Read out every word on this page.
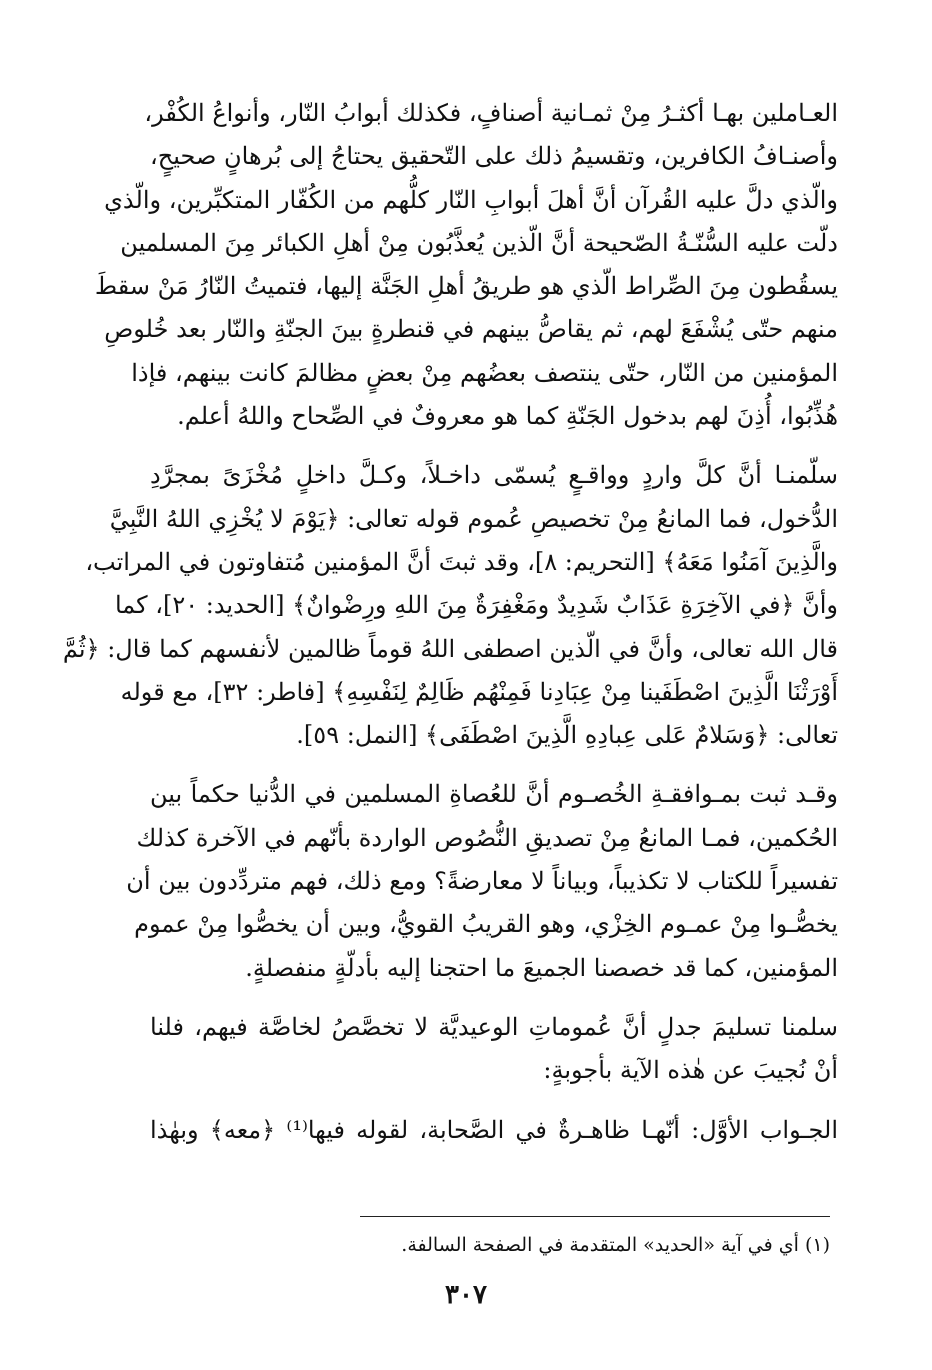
العـاملين بهـا أكثـرُ مِنْ ثمـانية أصنافٍ، فكذلك أبوابُ النّار، وأنواعُ الكُفْر،
وأصنـافُ الكافرين، وتقسيمُ ذلك على التّحقيق يحتاجُ إلى بُرهانٍ صحيحٍ،
والّذي دلَّ عليه القُرآن أنَّ أهلَ أبوابِ النّار كلُّهم من الكُفّار المتكبِّرين، والّذي
دلّت عليه السُّنّـةُ الصّحيحة أنَّ الّذين يُعذَّبُون مِنْ أهلِ الكبائر مِنَ المسلمين
يسقُطون مِنَ الصِّراط الّذي هو طريقُ أهلِ الجَنَّة إليها، فتميتُ النّارُ مَنْ سقطَ
منهم حتّى يُشْفَعَ لهم، ثم يقاصُّ بينهم في قنطرةٍ بينَ الجنّةِ والنّار بعد خُلوصِ
المؤمنين من النّار، حتّى ينتصف بعضُهم مِنْ بعضٍ مظالمَ كانت بينهم، فإذا
هُذِّبُوا، أُذِنَ لهم بدخول الجَنّةِ كما هو معروفٌ في الصِّحاح واللهُ أعلم.
سلّمنـا أنَّ كلَّ واردٍ وواقـعٍ يُسمّى داخـلاً، وكـلَّ داخلٍ مُخْزَىً بمجرَّدِ
الدُّخول، فما المانعُ مِنْ تخصيصِ عُموم قوله تعالى: ﴿يَوْمَ لا يُخْزِي اللهُ النَّبِيَّ
والَّذِينَ آمَنُوا مَعَهُ﴾ [التحريم: ٨]، وقد ثبتَ أنَّ المؤمنين مُتفاوتون في المراتب،
وأنَّ ﴿في الآخِرَةِ عَذَابٌ شَدِيدٌ ومَغْفِرَةٌ مِنَ اللهِ ورِضْوانٌ﴾ [الحديد: ٢٠]، كما
قال الله تعالى، وأنَّ في الّذين اصطفى اللهُ قوماً ظالمين لأنفسهم كما قال: ﴿ثُمَّ
أَوْرَثْنَا الَّذِينَ اصْطَفَينا مِنْ عِبَادِنا فَمِنْهُم ظَالِمٌ لِنَفْسِهِ﴾ [فاطر: ٣٢]، مع قوله
تعالى: ﴿وَسَلامٌ عَلى عِبادِهِ الَّذِينَ اصْطَفَى﴾ [النمل: ٥٩].
وقـد ثبت بمـوافقـةِ الخُصـوم أنَّ للعُصاةِ المسلمين في الدُّنيا حكماً بين
الحُكمين، فمـا المانعُ مِنْ تصديقِ النُّصُوص الواردة بأنّهم في الآخرة كذلك
تفسيراً للكتاب لا تكذيباً، وبياناً لا معارضةً؟ ومع ذلك، فهم متردِّدون بين أن
يخصُّـوا مِنْ عمـوم الخِزْي، وهو القريبُ القويُّ، وبين أن يخصُّوا مِنْ عموم
المؤمنين، كما قد خصصنا الجميعَ ما احتجنا إليه بأدلّةٍ منفصلةٍ.
سلمنا تسليمَ جدلٍ أنَّ عُموماتِ الوعيديَّة لا تخصَّصُ لخاصَّة فيهم، فلنا
أنْ نُجيبَ عن هٰذه الآية بأجوبةٍ:
الجـواب الأوَّل: أنّهـا ظاهـرةٌ في الصَّحابة، لقوله فيها⁽¹⁾ ﴿معه﴾ وبهٰذا
(١) أي في آية «الحديد» المتقدمة في الصفحة السالفة.
٣٠٧
